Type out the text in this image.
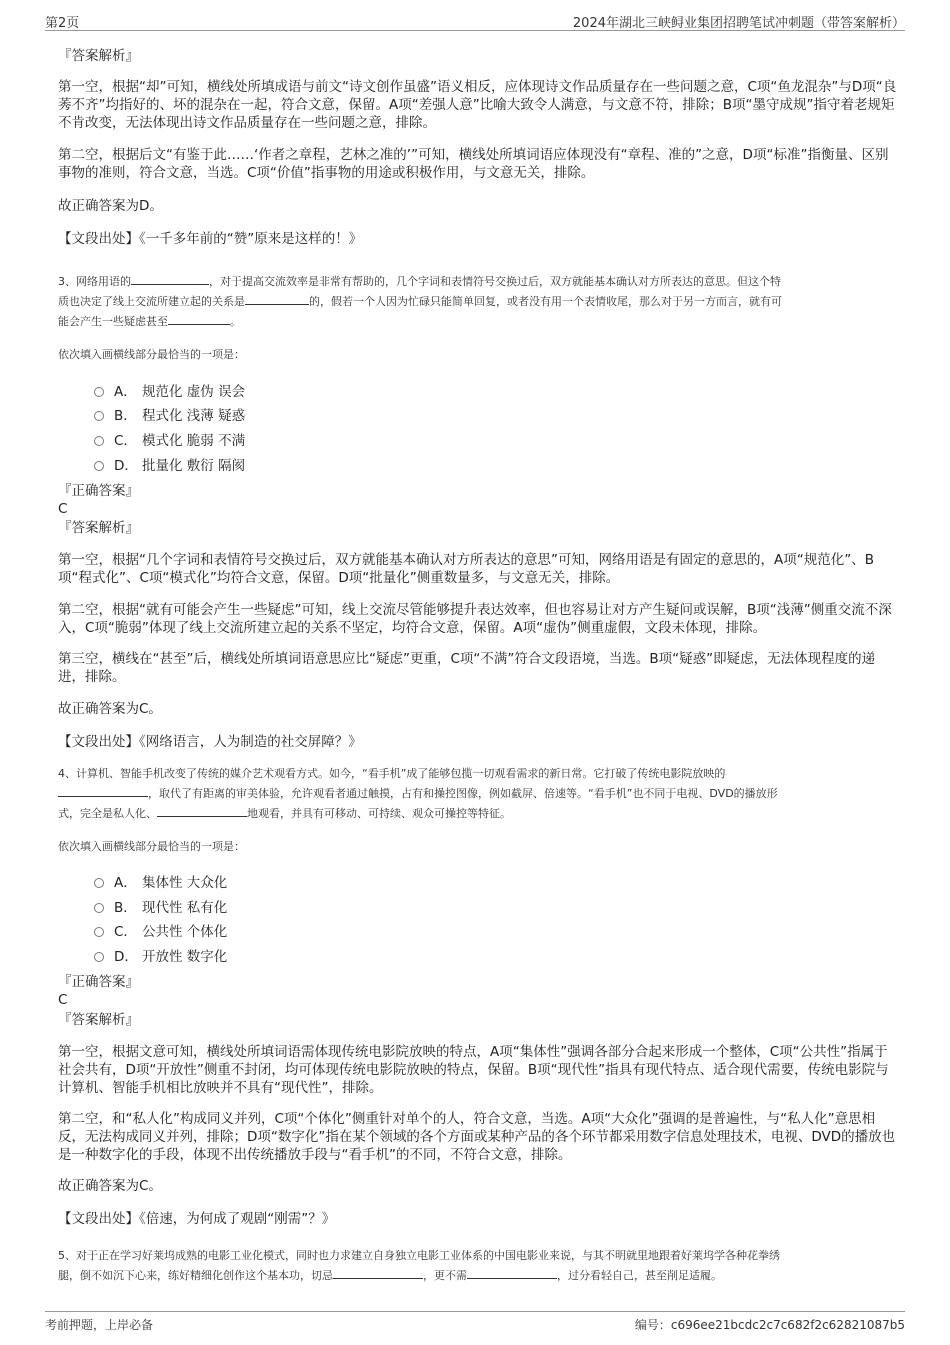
第2页	2024年湖北三峡鲟业集团招聘笔试冲刺题（带答案解析）
『答案解析』
第一空，根据“却”可知，横线处所填成语与前文“诗文创作虽盛”语义相反，应体现诗文作品质量存在一些问题之意，C项“鱼龙混杂”与D项“良莠不齐”均指好的、坏的混杂在一起，符合文意，保留。A项“差强人意”比喻大致令人满意，与文意不符，排除；B项“墨守成规”指守着老规矩不肯改变，无法体现出诗文作品质量存在一些问题之意，排除。
第二空，根据后文“有鉴于此……‘作者之章程，艺林之准的’”可知，横线处所填词语应体现没有“章程、准的”之意，D项“标准”指衡量、区别事物的准则，符合文意，当选。C项“价值”指事物的用途或积极作用，与文意无关，排除。
故正确答案为D。
【文段出处】《一千多年前的“赞”原来是这样的！》
3、网络用语的	，对于提高交流效率是非常有帮助的，几个字词和表情符号交换过后，双方就能基本确认对方所表达的意思。但这个特
质也决定了线上交流所建立起的关系是	的，假若一个人因为忙碌只能简单回复，或者没有用一个表情收尾，那么对于另一方而言，就有可
能会产生一些疑虑甚至	。
依次填入画横线部分最恰当的一项是：
A． 规范化 虚伪 误会
B． 程式化 浅薄 疑惑
C． 模式化 脆弱 不满
D． 批量化 敷衍 隔阂
『正确答案』
C
『答案解析』
第一空，根据“几个字词和表情符号交换过后，双方就能基本确认对方所表达的意思”可知，网络用语是有固定的意思的，A项“规范化”、B项“程式化”、C项“模式化”均符合文意，保留。D项“批量化”侧重数量多，与文意无关，排除。
第二空，根据“就有可能会产生一些疑虑”可知，线上交流尽管能够提升表达效率，但也容易让对方产生疑问或误解，B项“浅薄”侧重交流不深入，C项“脆弱”体现了线上交流所建立起的关系不坚定，均符合文意，保留。A项“虚伪”侧重虚假，文段未体现，排除。
第三空，横线在“甚至”后，横线处所填词语意思应比“疑虑”更重，C项“不满”符合文段语境，当选。B项“疑惑”即疑虑，无法体现程度的递进，排除。
故正确答案为C。
【文段出处】《网络语言，人为制造的社交屏障？》
4、计算机、智能手机改变了传统的媒介艺术观看方式。如今，“看手机”成了能够包揽一切观看需求的新日常。它打破了传统电影院放映的
，取代了有距离的审美体验，允许观看者通过触摸，占有和操控图像，例如截屏、倍速等。“看手机”也不同于电视、DVD的播放形
式，完全是私人化、	地观看，并具有可移动、可持续、观众可操控等特征。
依次填入画横线部分最恰当的一项是：
A． 集体性 大众化
B． 现代性 私有化
C． 公共性 个体化
D． 开放性 数字化
『正确答案』
C
『答案解析』
第一空，根据文意可知，横线处所填词语需体现传统电影院放映的特点，A项“集体性”强调各部分合起来形成一个整体，C项“公共性”指属于社会共有，D项“开放性”侧重不封闭，均可体现传统电影院放映的特点，保留。B项“现代性”指具有现代特点、适合现代需要，传统电影院与计算机、智能手机相比放映并不具有“现代性”，排除。
第二空，和“私人化”构成同义并列，C项“个体化”侧重针对单个的人，符合文意，当选。A项“大众化”强调的是普遍性，与“私人化”意思相反，无法构成同义并列，排除；D项“数字化”指在某个领域的各个方面或某种产品的各个环节都采用数字信息处理技术，电视、DVD的播放也是一种数字化的手段，体现不出传统播放手段与“看手机”的不同，不符合文意，排除。
故正确答案为C。
【文段出处】《倍速，为何成了观剧“刚需”？》
5、对于正在学习好莱坞成熟的电影工业化模式，同时也力求建立自身独立电影工业体系的中国电影业来说，与其不明就里地跟着好莱坞学各种花拳绣
腿，倒不如沉下心来，练好精细化创作这个基本功，切忌	，更不需	，过分看轻自己，甚至削足适履。
考前押题，上岸必备	编号：c696ee21bcdc2c7c682f2c62821087b5
